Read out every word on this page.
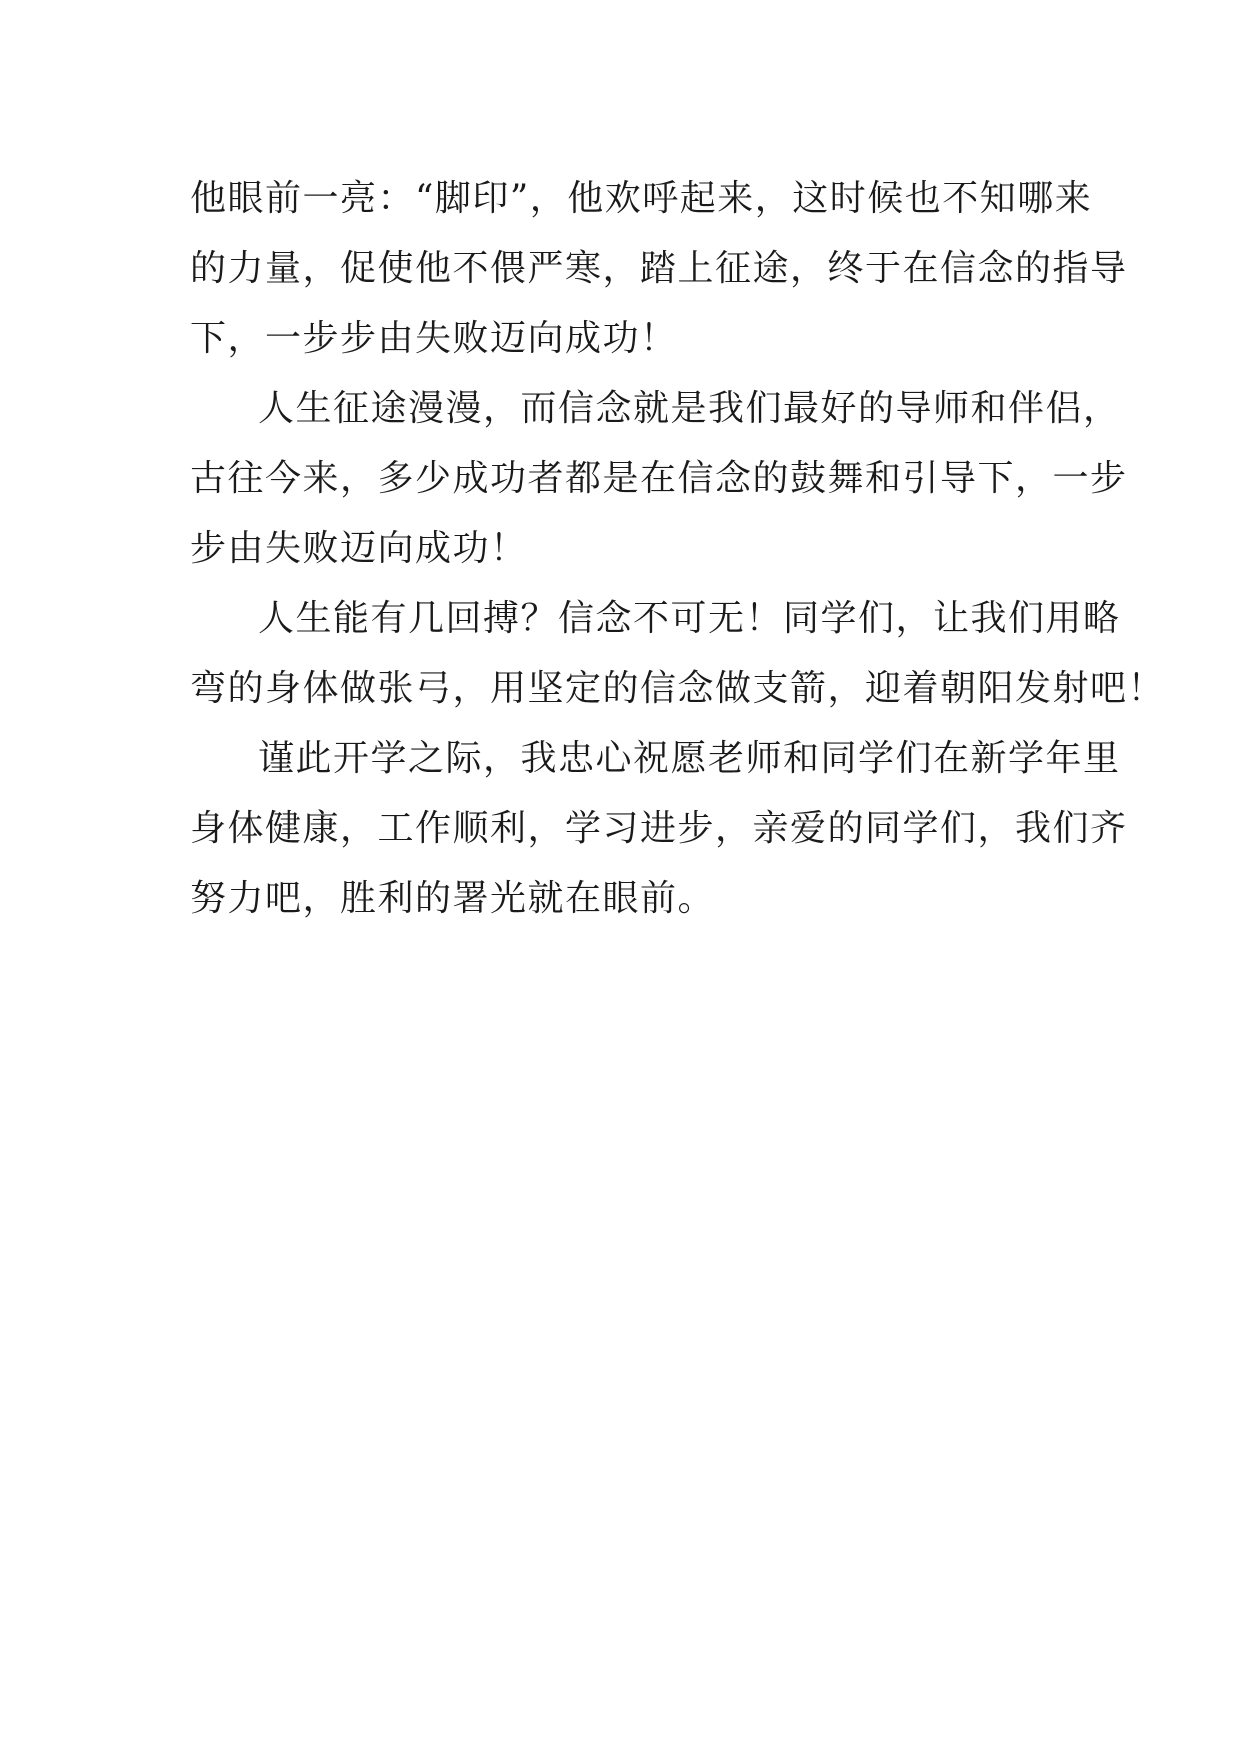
他眼前一亮：“脚印”，他欢呼起来，这时候也不知哪来
的力量，促使他不偎严寒，踏上征途，终于在信念的指导
下，一步步由失败迈向成功！
人生征途漫漫，而信念就是我们最好的导师和伴侣，
古往今来，多少成功者都是在信念的鼓舞和引导下，一步
步由失败迈向成功！
人生能有几回搏？信念不可无！同学们，让我们用略
弯的身体做张弓，用坚定的信念做支箭，迎着朝阳发射吧！
谨此开学之际，我忠心祝愿老师和同学们在新学年里
身体健康，工作顺利，学习进步，亲爱的同学们，我们齐
努力吧，胜利的署光就在眼前。
